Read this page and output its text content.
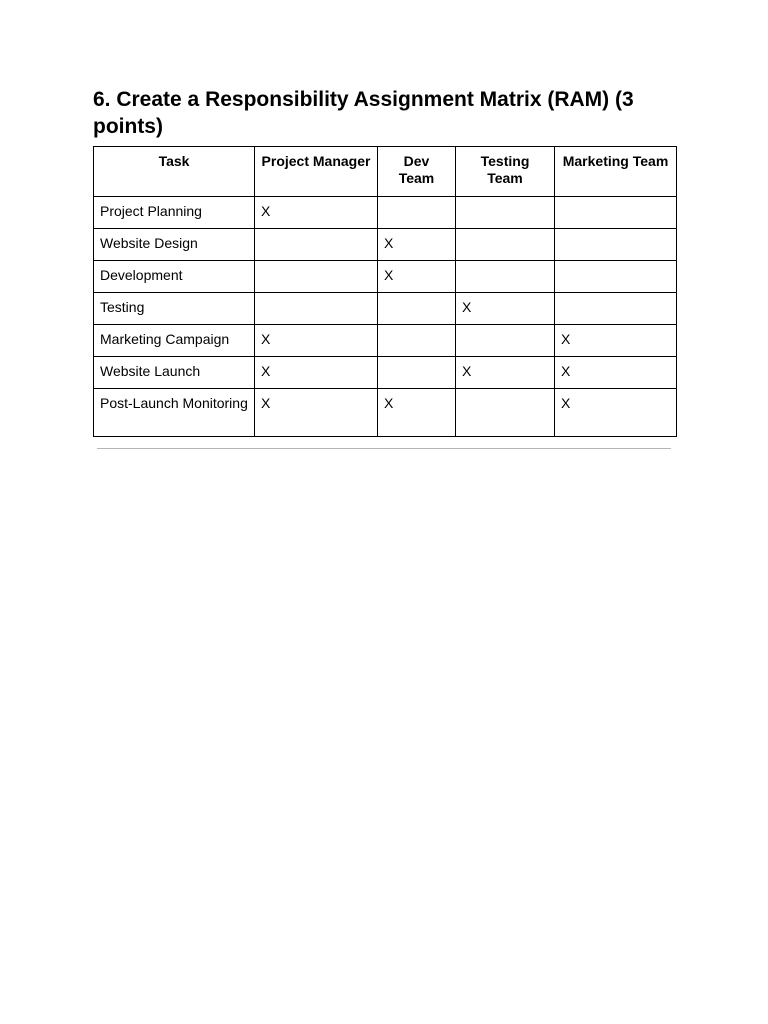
6. Create a Responsibility Assignment Matrix (RAM) (3 points)
Task	Project Manager	Dev Team	Testing Team	Marketing Team
Project Planning	X			
Website Design		X		
Development		X		
Testing			X	
Marketing Campaign	X			X
Website Launch	X		X	X
Post-Launch Monitoring	X	X		X
